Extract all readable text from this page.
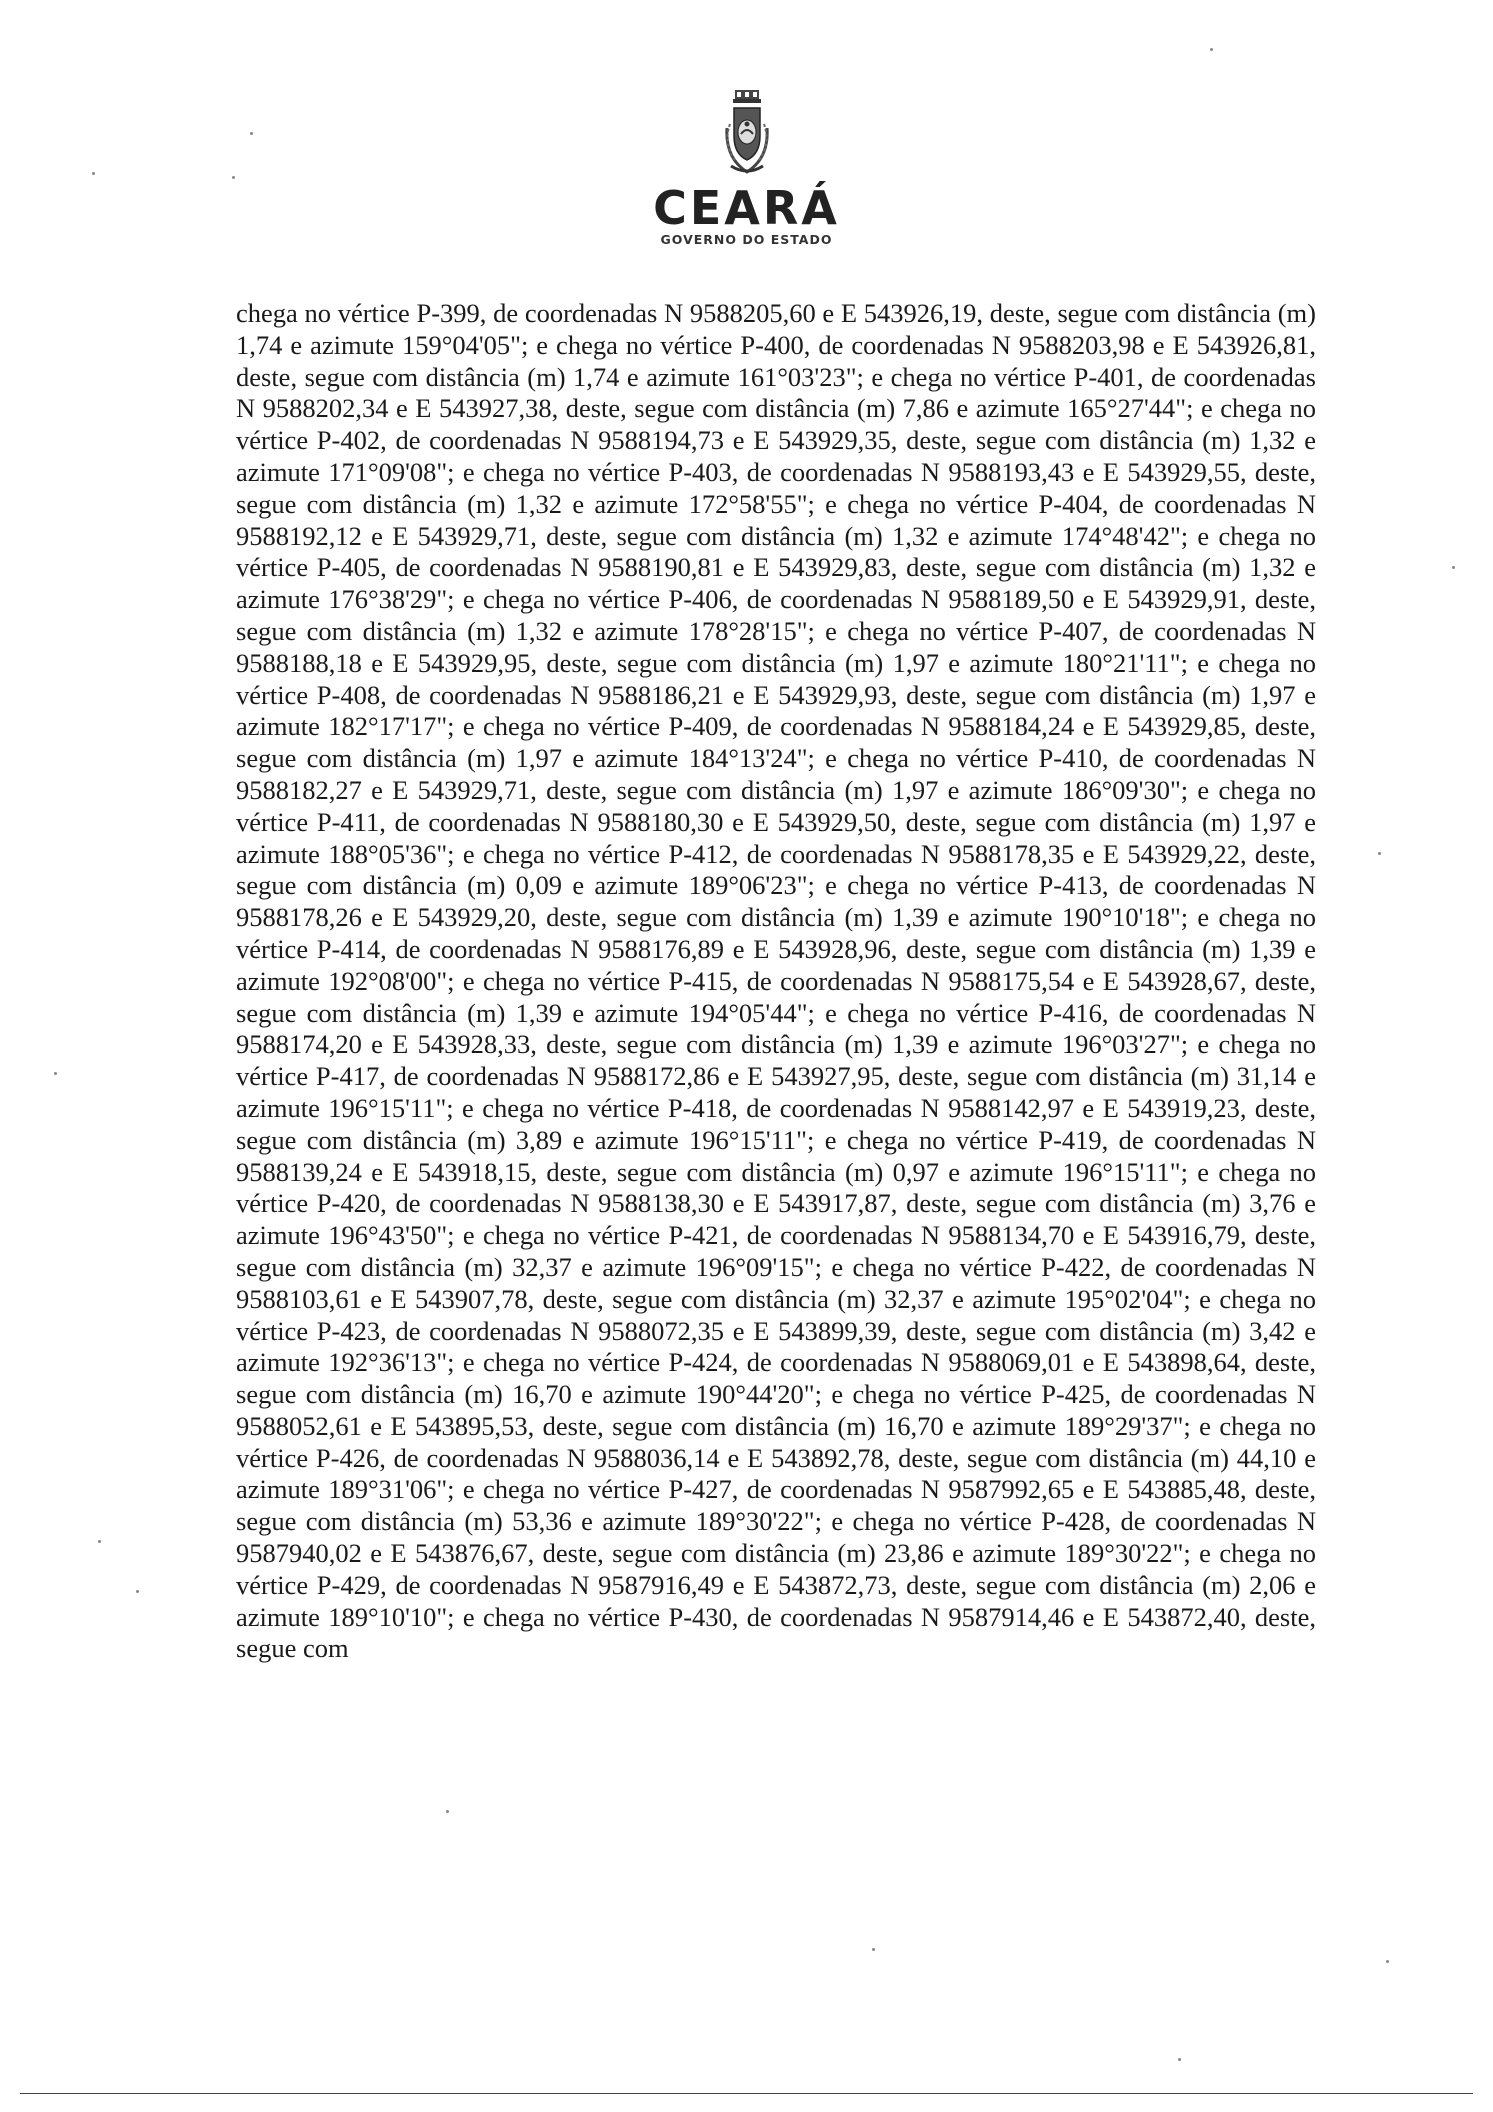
CEARÁ
GOVERNO DO ESTADO

chega no vértice P-399, de coordenadas N 9588205,60 e E 543926,19, deste, segue com distância (m) 1,74 e azimute 159°04'05"; e chega no vértice P-400, de coordenadas N 9588203,98 e E 543926,81, deste, segue com distância (m) 1,74 e azimute 161°03'23"; e chega no vértice P-401, de coordenadas N 9588202,34 e E 543927,38, deste, segue com distância (m) 7,86 e azimute 165°27'44"; e chega no vértice P-402, de coordenadas N 9588194,73 e E 543929,35, deste, segue com distância (m) 1,32 e azimute 171°09'08"; e chega no vértice P-403, de coordenadas N 9588193,43 e E 543929,55, deste, segue com distância (m) 1,32 e azimute 172°58'55"; e chega no vértice P-404, de coordenadas N 9588192,12 e E 543929,71, deste, segue com distância (m) 1,32 e azimute 174°48'42"; e chega no vértice P-405, de coordenadas N 9588190,81 e E 543929,83, deste, segue com distância (m) 1,32 e azimute 176°38'29"; e chega no vértice P-406, de coordenadas N 9588189,50 e E 543929,91, deste, segue com distância (m) 1,32 e azimute 178°28'15"; e chega no vértice P-407, de coordenadas N 9588188,18 e E 543929,95, deste, segue com distância (m) 1,97 e azimute 180°21'11"; e chega no vértice P-408, de coordenadas N 9588186,21 e E 543929,93, deste, segue com distância (m) 1,97 e azimute 182°17'17"; e chega no vértice P-409, de coordenadas N 9588184,24 e E 543929,85, deste, segue com distância (m) 1,97 e azimute 184°13'24"; e chega no vértice P-410, de coordenadas N 9588182,27 e E 543929,71, deste, segue com distância (m) 1,97 e azimute 186°09'30"; e chega no vértice P-411, de coordenadas N 9588180,30 e E 543929,50, deste, segue com distância (m) 1,97 e azimute 188°05'36"; e chega no vértice P-412, de coordenadas N 9588178,35 e E 543929,22, deste, segue com distância (m) 0,09 e azimute 189°06'23"; e chega no vértice P-413, de coordenadas N 9588178,26 e E 543929,20, deste, segue com distância (m) 1,39 e azimute 190°10'18"; e chega no vértice P-414, de coordenadas N 9588176,89 e E 543928,96, deste, segue com distância (m) 1,39 e azimute 192°08'00"; e chega no vértice P-415, de coordenadas N 9588175,54 e E 543928,67, deste, segue com distância (m) 1,39 e azimute 194°05'44"; e chega no vértice P-416, de coordenadas N 9588174,20 e E 543928,33, deste, segue com distância (m) 1,39 e azimute 196°03'27"; e chega no vértice P-417, de coordenadas N 9588172,86 e E 543927,95, deste, segue com distância (m) 31,14 e azimute 196°15'11"; e chega no vértice P-418, de coordenadas N 9588142,97 e E 543919,23, deste, segue com distância (m) 3,89 e azimute 196°15'11"; e chega no vértice P-419, de coordenadas N 9588139,24 e E 543918,15, deste, segue com distância (m) 0,97 e azimute 196°15'11"; e chega no vértice P-420, de coordenadas N 9588138,30 e E 543917,87, deste, segue com distância (m) 3,76 e azimute 196°43'50"; e chega no vértice P-421, de coordenadas N 9588134,70 e E 543916,79, deste, segue com distância (m) 32,37 e azimute 196°09'15"; e chega no vértice P-422, de coordenadas N 9588103,61 e E 543907,78, deste, segue com distância (m) 32,37 e azimute 195°02'04"; e chega no vértice P-423, de coordenadas N 9588072,35 e E 543899,39, deste, segue com distância (m) 3,42 e azimute 192°36'13"; e chega no vértice P-424, de coordenadas N 9588069,01 e E 543898,64, deste, segue com distância (m) 16,70 e azimute 190°44'20"; e chega no vértice P-425, de coordenadas N 9588052,61 e E 543895,53, deste, segue com distância (m) 16,70 e azimute 189°29'37"; e chega no vértice P-426, de coordenadas N 9588036,14 e E 543892,78, deste, segue com distância (m) 44,10 e azimute 189°31'06"; e chega no vértice P-427, de coordenadas N 9587992,65 e E 543885,48, deste, segue com distância (m) 53,36 e azimute 189°30'22"; e chega no vértice P-428, de coordenadas N 9587940,02 e E 543876,67, deste, segue com distância (m) 23,86 e azimute 189°30'22"; e chega no vértice P-429, de coordenadas N 9587916,49 e E 543872,73, deste, segue com distância (m) 2,06 e azimute 189°10'10"; e chega no vértice P-430, de coordenadas N 9587914,46 e E 543872,40, deste, segue com
